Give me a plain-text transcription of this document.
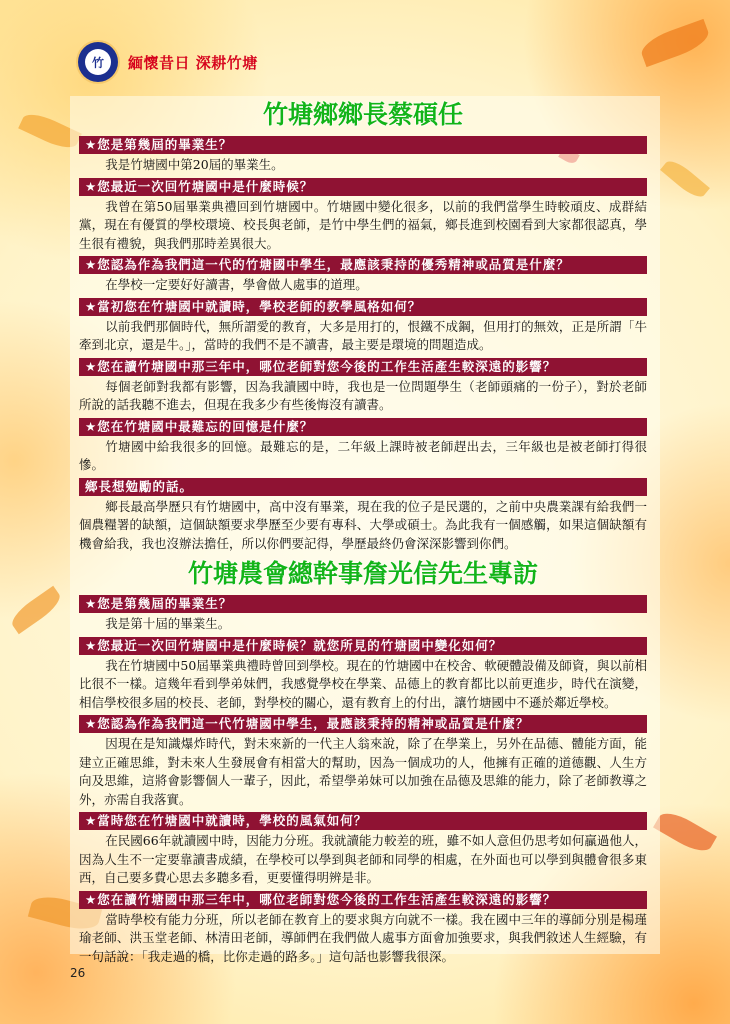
竹	緬懷昔日 深耕竹塘
竹塘鄉鄉長蔡碩任
★您是第幾屆的畢業生？
我是竹塘國中第20屆的畢業生。
★您最近一次回竹塘國中是什麼時候？
我曾在第50屆畢業典禮回到竹塘國中。竹塘國中變化很多，以前的我們當學生時較頑皮、成群結黨，現在有優質的學校環境、校長與老師，是竹中學生們的福氣，鄉長進到校園看到大家都很認真，學生很有禮貌，與我們那時差異很大。
★您認為作為我們這一代的竹塘國中學生，最應該秉持的優秀精神或品質是什麼？
在學校一定要好好讀書，學會做人處事的道理。
★當初您在竹塘國中就讀時，學校老師的教學風格如何？
以前我們那個時代，無所謂愛的教育，大多是用打的，恨鐵不成鋼，但用打的無效，正是所謂「牛牽到北京，還是牛。」，當時的我們不是不讀書，最主要是環境的問題造成。
★您在讀竹塘國中那三年中，哪位老師對您今後的工作生活產生較深遠的影響？
每個老師對我都有影響，因為我讀國中時，我也是一位問題學生（老師頭痛的一份子），對於老師所說的話我聽不進去，但現在我多少有些後悔沒有讀書。
★您在竹塘國中最難忘的回憶是什麼？
竹塘國中給我很多的回憶。最難忘的是，二年級上課時被老師趕出去，三年級也是被老師打得很慘。
鄉長想勉勵的話。
鄉長最高學歷只有竹塘國中，高中沒有畢業，現在我的位子是民選的，之前中央農業課有給我們一個農糧署的缺額，這個缺額要求學歷至少要有專科、大學或碩士。為此我有一個感觸，如果這個缺額有機會給我，我也沒辦法擔任，所以你們要記得，學歷最終仍會深深影響到你們。
竹塘農會總幹事詹光信先生專訪
★您是第幾屆的畢業生？
我是第十屆的畢業生。
★您最近一次回竹塘國中是什麼時候？就您所見的竹塘國中變化如何？
我在竹塘國中50屆畢業典禮時曾回到學校。現在的竹塘國中在校舍、軟硬體設備及師資，與以前相比很不一樣。這幾年看到學弟妹們，我感覺學校在學業、品德上的教育都比以前更進步，時代在演變，相信學校很多屆的校長、老師，對學校的關心，還有教育上的付出，讓竹塘國中不遜於鄰近學校。
★您認為作為我們這一代竹塘國中學生，最應該秉持的精神或品質是什麼？
因現在是知識爆炸時代，對未來新的一代主人翁來說，除了在學業上，另外在品德、體能方面，能建立正確思維，對未來人生發展會有相當大的幫助，因為一個成功的人，他擁有正確的道德觀、人生方向及思維，這將會影響個人一輩子，因此，希望學弟妹可以加強在品德及思維的能力，除了老師教導之外，亦需自我落實。
★當時您在竹塘國中就讀時，學校的風氣如何？
在民國66年就讀國中時，因能力分班。我就讀能力較差的班，雖不如人意但仍思考如何贏過他人，因為人生不一定要靠讀書成績，在學校可以學到與老師和同學的相處，在外面也可以學到與體會很多東西，自己要多費心思去多聽多看，更要懂得明辨是非。
★您在讀竹塘國中那三年中，哪位老師對您今後的工作生活產生較深遠的影響？
當時學校有能力分班，所以老師在教育上的要求與方向就不一樣。我在國中三年的導師分別是楊瑾瑜老師、洪玉堂老師、林清田老師，導師們在我們做人處事方面會加強要求，與我們敘述人生經驗，有一句話說：「我走過的橋，比你走過的路多。」這句話也影響我很深。
26
